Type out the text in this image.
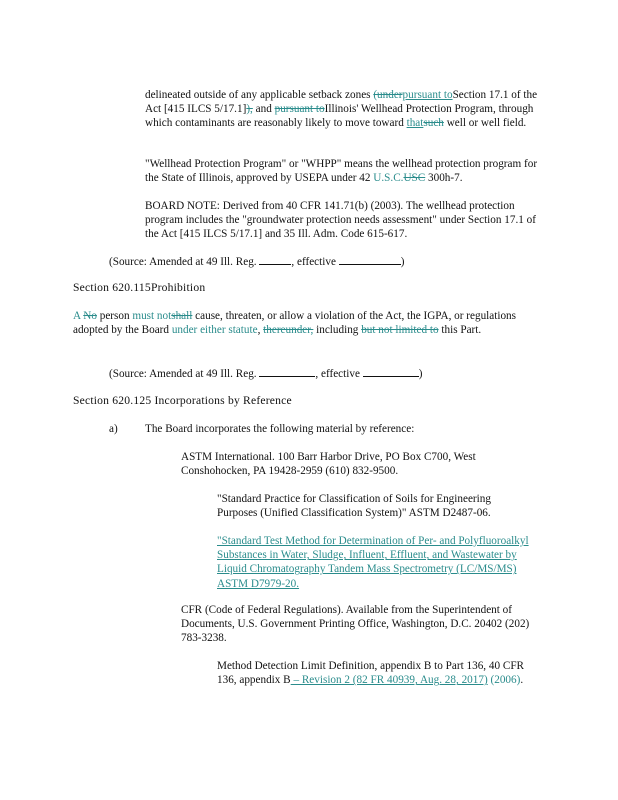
delineated outside of any applicable setback zones (underpursuant toSection 17.1 of the Act [415 ILCS 5/17.1]), and pursuant toIllinois' Wellhead Protection Program, through which contaminants are reasonably likely to move toward thatsuch well or well field.

"Wellhead Protection Program" or "WHPP" means the wellhead protection program for the State of Illinois, approved by USEPA under 42 U.S.C.USC 300h-7.

BOARD NOTE: Derived from 40 CFR 141.71(b) (2003). The wellhead protection program includes the "groundwater protection needs assessment" under Section 17.1 of the Act [415 ILCS 5/17.1] and 35 Ill. Adm. Code 615-617.

(Source: Amended at 49 Ill. Reg.	, effective	)

Section 620.115Prohibition

A No person must notshall cause, threaten, or allow a violation of the Act, the IGPA, or regulations adopted by the Board under either statute, thereunder, including but not limited to this Part.

(Source: Amended at 49 Ill. Reg.	, effective	)

Section 620.125 Incorporations by Reference

a)	The Board incorporates the following material by reference:

ASTM International. 100 Barr Harbor Drive, PO Box C700, West Conshohocken, PA 19428-2959 (610) 832-9500.

"Standard Practice for Classification of Soils for Engineering Purposes (Unified Classification System)" ASTM D2487-06.

"Standard Test Method for Determination of Per- and Polyfluoroalkyl Substances in Water, Sludge, Influent, Effluent, and Wastewater by Liquid Chromatography Tandem Mass Spectrometry (LC/MS/MS) ASTM D7979-20.

CFR (Code of Federal Regulations). Available from the Superintendent of Documents, U.S. Government Printing Office, Washington, D.C. 20402 (202) 783-3238.

Method Detection Limit Definition, appendix B to Part 136, 40 CFR 136, appendix B – Revision 2 (82 FR 40939, Aug. 28, 2017) (2006).
